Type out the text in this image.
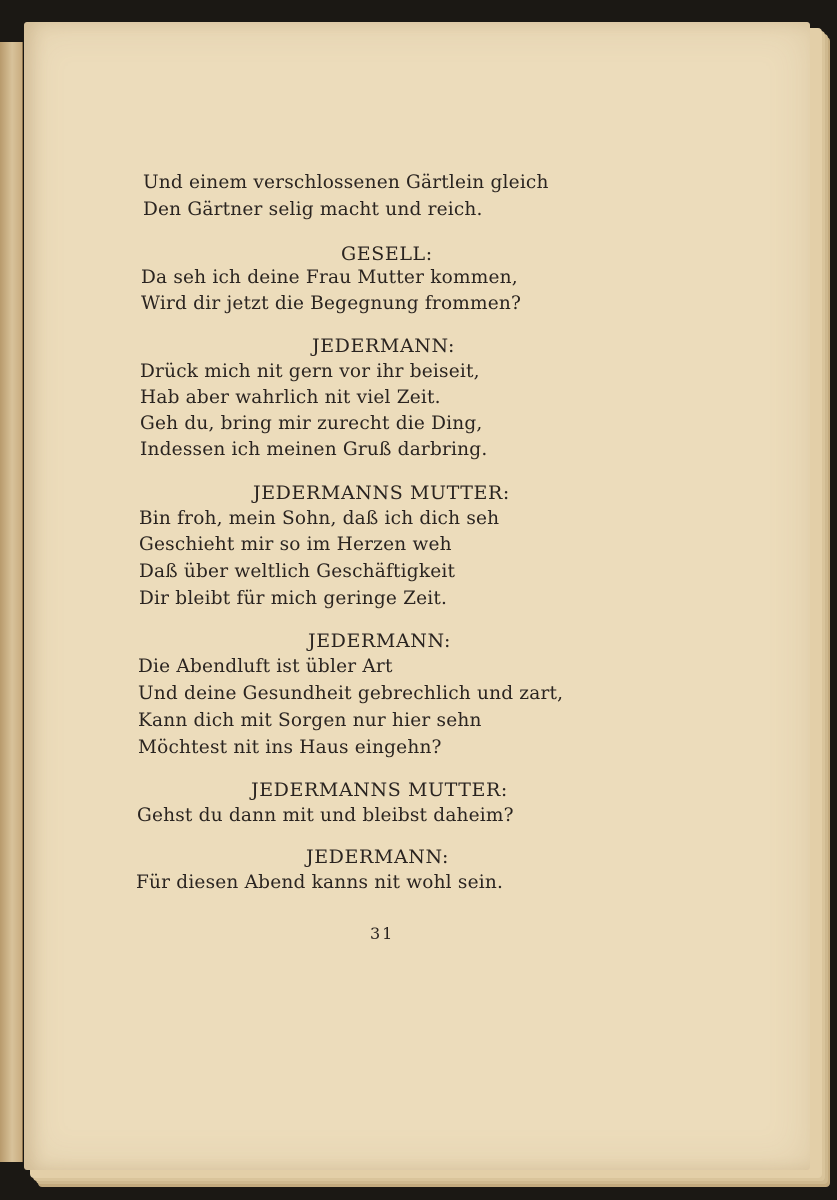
Und einem verschlossenen Gärtlein gleich

Den Gärtner selig macht und reich.

GESELL:

Da seh ich deine Frau Mutter kommen,

Wird dir jetzt die Begegnung frommen?

JEDERMANN:

Drück mich nit gern vor ihr beiseit,

Hab aber wahrlich nit viel Zeit.

Geh du, bring mir zurecht die Ding,

Indessen ich meinen Gruß darbring.

JEDERMANNS MUTTER:

Bin froh, mein Sohn, daß ich dich seh

Geschieht mir so im Herzen weh

Daß über weltlich Geschäftigkeit

Dir bleibt für mich geringe Zeit.

JEDERMANN:

Die Abendluft ist übler Art

Und deine Gesundheit gebrechlich und zart,

Kann dich mit Sorgen nur hier sehn

Möchtest nit ins Haus eingehn?

JEDERMANNS MUTTER:

Gehst du dann mit und bleibst daheim?

JEDERMANN:

Für diesen Abend kanns nit wohl sein.

31
